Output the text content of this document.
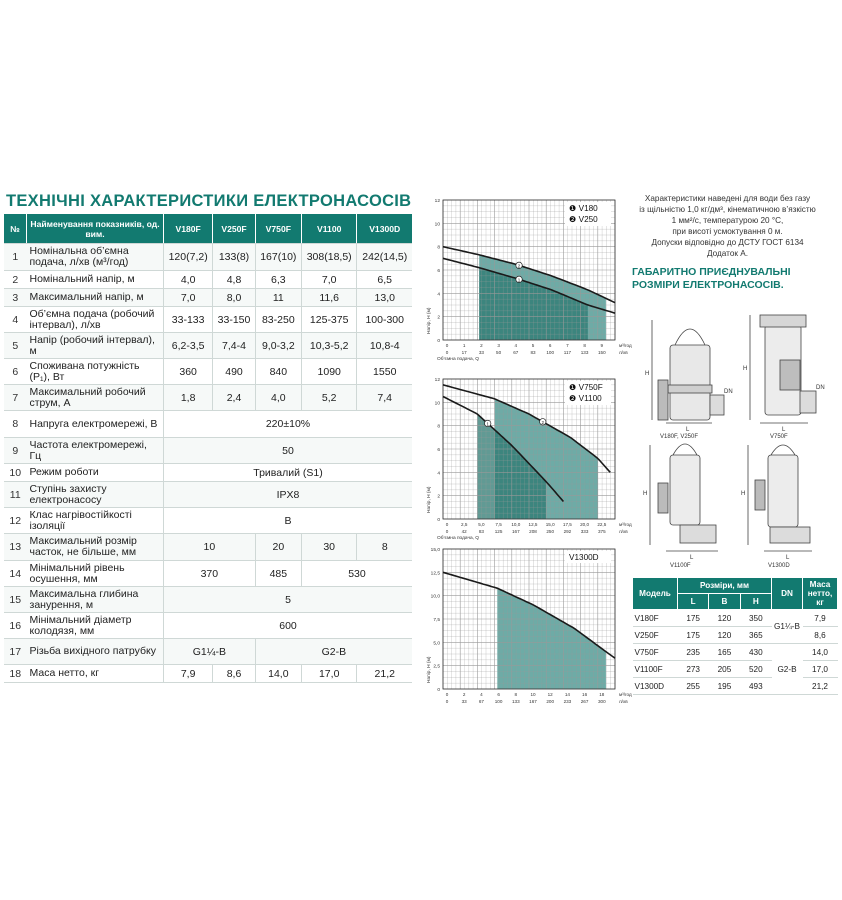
ТЕХНІЧНІ ХАРАКТЕРИСТИКИ ЕЛЕКТРОНАСОСІВ
№	Найменування показників, од. вим.	V180F	V250F	V750F	V1100	V1300D
1	Номінальна об’ємна подача, л/хв (м³/год)	120(7,2)	133(8)	167(10)	308(18,5)	242(14,5)
2	Номінальний напір, м	4,0	4,8	6,3	7,0	6,5
3	Максимальний напір, м	7,0	8,0	11	11,6	13,0
4	Об’ємна подача (робочий інтервал), л/хв	33-133	33-150	83-250	125-375	100-300
5	Напір (робочий інтервал), м	6,2-3,5	7,4-4	9,0-3,2	10,3-5,2	10,8-4
6	Споживана потужність (P₁), Вт	360	490	840	1090	1550
7	Максимальний робочий струм, А	1,8	2,4	4,0	5,2	7,4
8	Напруга електромережі, В	220±10%				
9	Частота електромережі, Гц	50				
10	Режим роботи	Тривалий (S1)				
11	Ступінь захисту електронасосу	IPX8				
12	Клас нагрівостійкості ізоляції	B				
13	Максимальний розмір часток, не більше, мм	10		20	30	8
14	Мінімальний рівень осушення, мм	370		485	530	
15	Максимальна глибина занурення, м	5				
16	Мінімальний діаметр колодязя, мм	600				
17	Різьба вихідного патрубку	G1¼-B		G2-B		
18	Маса нетто, кг	7,9	8,6	14,0	17,0	21,2
0
2
4
6
8
10
12
0	1	2	3	4	5	6	7	8	9
0	17	33	50	67	83 100 117 133 150
м³/год
л/хв
Об’ємна подача, Q
Напір, Н (м)
❶ V180
❷ V250
1
2
0
2
4
6
8
10
12
0	2,5 5,0 7,5 10,0 12,5 15,0 17,5 20,0 22,5
0	42	83 125 167 208 250 292 333 375
м³/год
л/хв
Об’ємна подача, Q
Напір, Н (м)
❶ V750F
❷ V1100
1	2
0
2,5
5,0
7,5
10,0
12,5
15,0
0	2	4	6	8	10	12	14	16	18
0	33	67 100 133 167 200 233 267 300
м³/год
л/хв
Напір, Н (м)
V1300D
Характеристики наведені для води без газу
із щільністю 1,0 кг/дм³, кінематичною в’язкістю
1 мм²/с, температурою 20 °С,
при висоті усмоктування 0 м.
Допуски відповідно до ДСТУ ГОСТ 6134
Додаток А.
ГАБАРИТНО ПРИЄДНУВАЛЬНІ РОЗМІРИ ЕЛЕКТРОНАСОСІВ.
V180F, V250F	V750F
V1100F	V1300D
H
H
H	H
L	L
L	L
DN
DN
Модель	Розміри, мм			DN	Маса нетто, кг
	L	B	H		
V180F	175	120	350	G1¼-B	7,9
V250F	175	120	365		8,6
V750F	235	165	430	G2-B	14,0
V1100F	273	205	520		17,0
V1300D	255	195	493		21,2
